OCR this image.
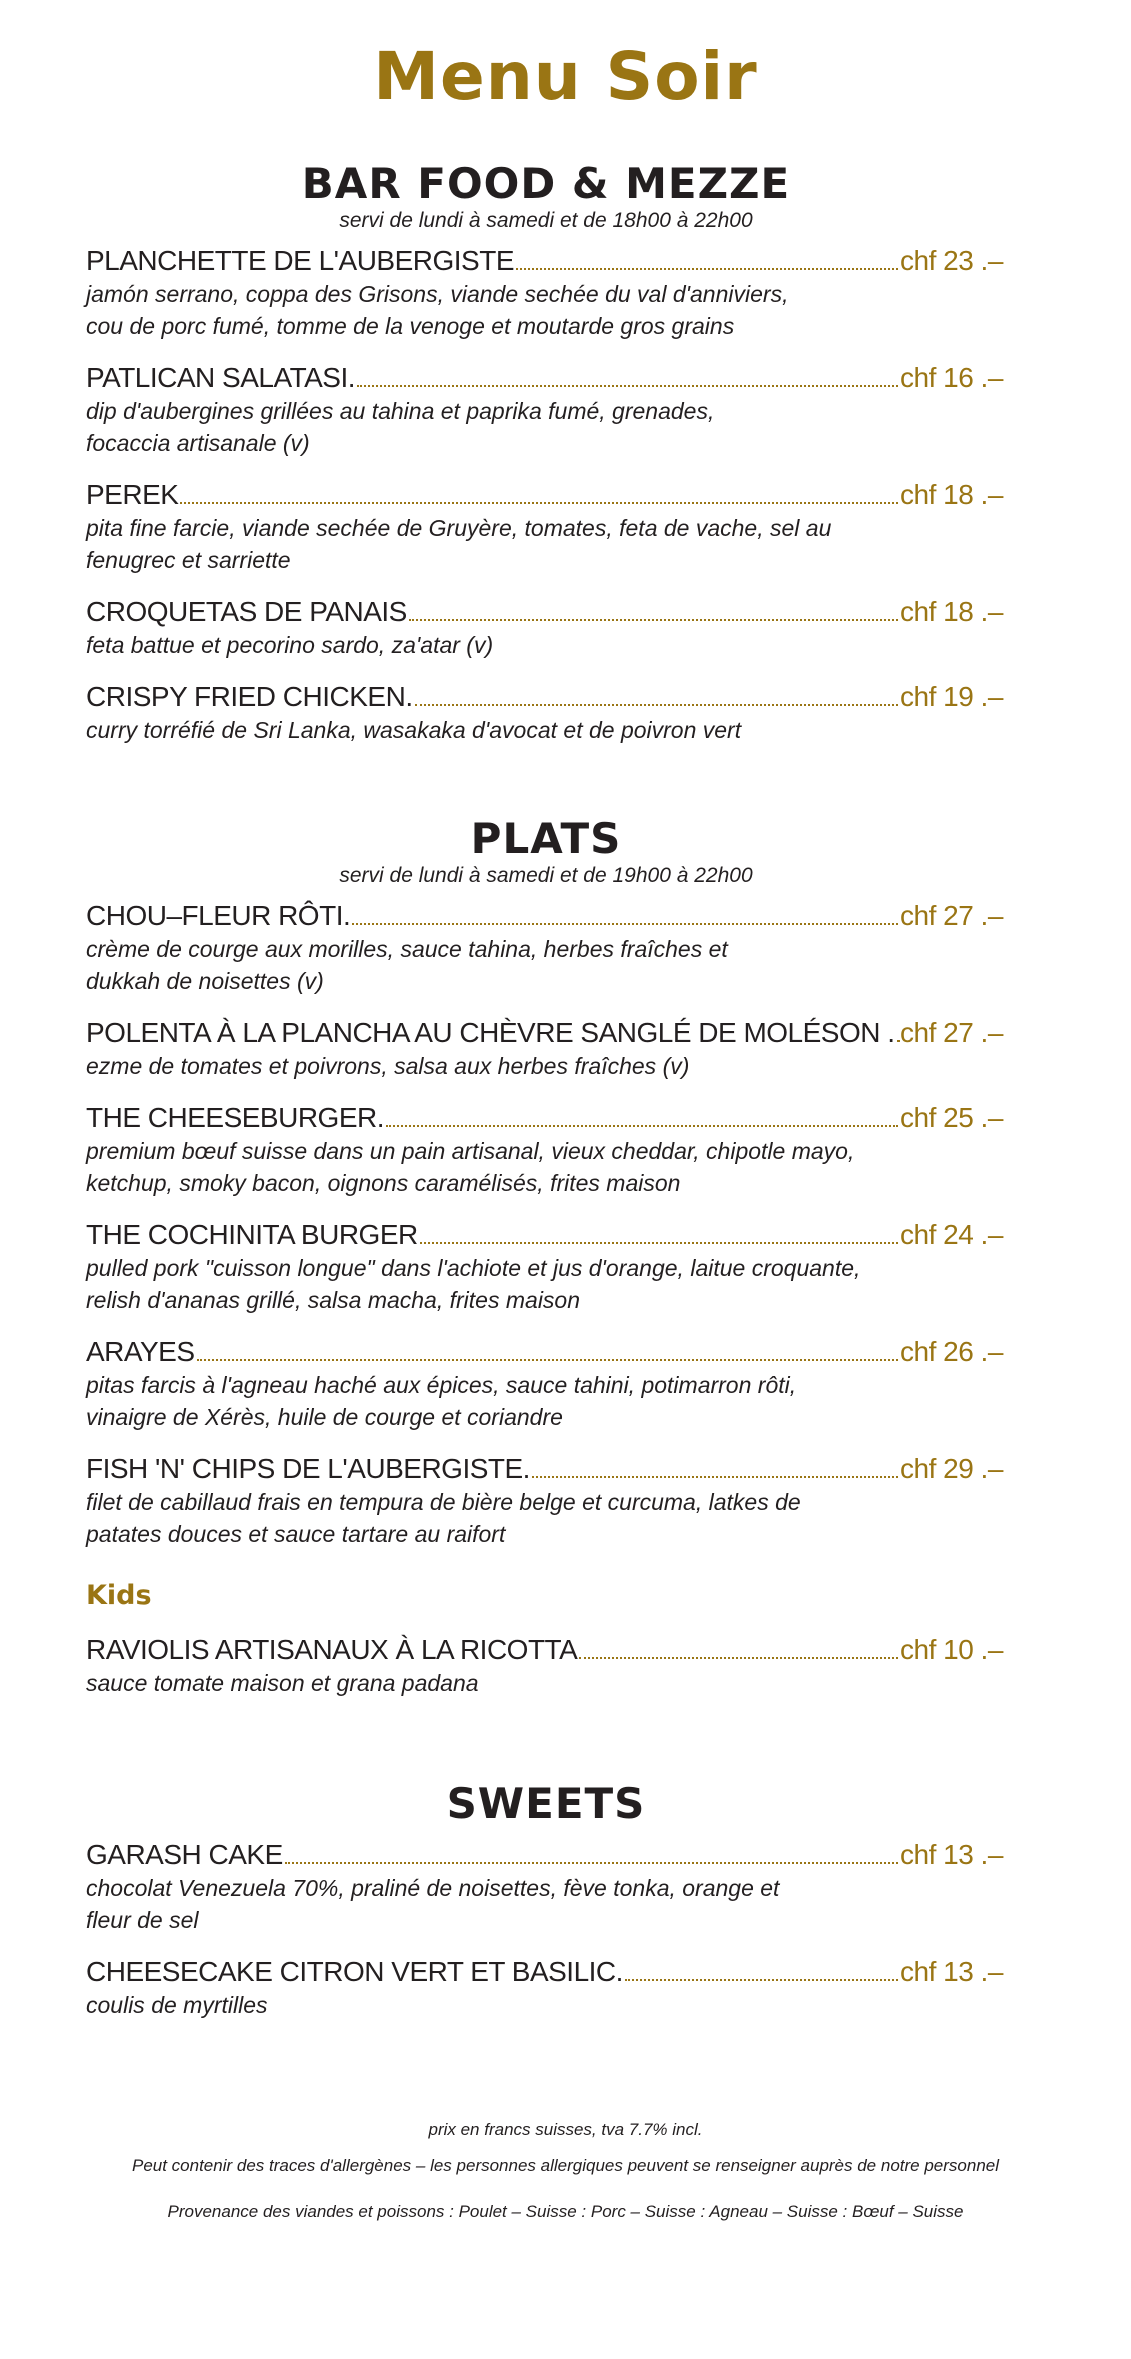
Menu Soir
BAR FOOD & MEZZE

servi de lundi à samedi et de 18h00 à 22h00

PLANCHETTE DE L'AUBERGISTE	chf 23 .–

jamón serrano, coppa des Grisons, viande sechée du val d'anniviers,
cou de porc fumé, tomme de la venoge et moutarde gros grains

PATLICAN SALATASI.	chf 16 .–

dip d'aubergines grillées au tahina et paprika fumé, grenades,
focaccia artisanale (v)

PEREK	chf 18 .–

pita fine farcie, viande sechée de Gruyère, tomates, feta de vache, sel au
fenugrec et sarriette

CROQUETAS DE PANAIS	chf 18 .–

feta battue et pecorino sardo, za'atar (v)

CRISPY FRIED CHICKEN.	chf 19 .–

curry torréfié de Sri Lanka, wasakaka d'avocat et de poivron vert

PLATS

servi de lundi à samedi et de 19h00 à 22h00

CHOU–FLEUR RÔTI.	chf 27 .–

crème de courge aux morilles, sauce tahina, herbes fraîches et
dukkah de noisettes (v)

POLENTA À LA PLANCHA AU CHÈVRE SANGLÉ DE MOLÉSON . chf 27 .–

ezme de tomates et poivrons, salsa aux herbes fraîches (v)

THE CHEESEBURGER.	chf 25 .–

premium bœuf suisse dans un pain artisanal, vieux cheddar, chipotle mayo,
ketchup, smoky bacon, oignons caramélisés, frites maison

THE COCHINITA BURGER	chf 24 .–

pulled pork "cuisson longue" dans l'achiote et jus d'orange, laitue croquante,
relish d'ananas grillé, salsa macha, frites maison

ARAYES	chf 26 .–

pitas farcis à l'agneau haché aux épices, sauce tahini, potimarron rôti,
vinaigre de Xérès, huile de courge et coriandre

FISH 'N' CHIPS DE L'AUBERGISTE.	chf 29 .–

filet de cabillaud frais en tempura de bière belge et curcuma, latkes de
patates douces et sauce tartare au raifort

Kids

RAVIOLIS ARTISANAUX À LA RICOTTA	chf 10 .–

sauce tomate maison et grana padana

SWEETS
GARASH CAKE	chf 13 .–

chocolat Venezuela 70%, praliné de noisettes, fève tonka, orange et
fleur de sel

CHEESECAKE CITRON VERT ET BASILIC.	chf 13 .–

coulis de myrtilles

prix en francs suisses, tva 7.7% incl.

Peut contenir des traces d'allergènes – les personnes allergiques peuvent se renseigner auprès de notre personnel

Provenance des viandes et poissons : Poulet – Suisse : Porc – Suisse : Agneau – Suisse : Bœuf – Suisse
